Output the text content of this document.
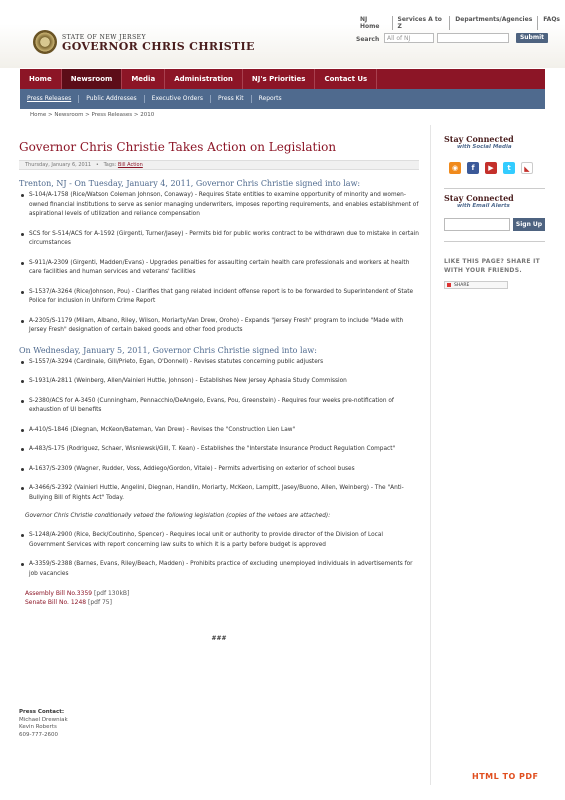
NJ Home
Services A to Z
Departments/Agencies	FAQs
STATE OF NEW JERSEY
GOVERNOR CHRIS CHRISTIE
Search	All of NJ	Submit
Home	Newsroom	Media	Administration	NJ's Priorities	Contact Us
Press Releases	Public Addresses	Executive Orders	Press Kit	Reports
Home > Newsroom > Press Releases > 2010
Governor Chris Christie Takes Action on Legislation
Thursday, January 6, 2011   •   Tags: Bill Action
Trenton, NJ - On Tuesday, January 4, 2011, Governor Chris Christie signed into law:
S-104/A-1758 (Rice/Watson Coleman Johnson, Conaway) - Requires State entities to examine opportunity of minority and women-owned financial institutions to serve as senior managing underwriters, imposes reporting requirements, and enables establishment of aspirational levels of utilization and reliance compensation
SCS for S-514/ACS for A-1592 (Girgenti, Turner/Jasey) - Permits bid for public works contract to be withdrawn due to mistake in certain circumstances
S-911/A-2309 (Girgenti, Madden/Evans) - Upgrades penalties for assaulting certain health care professionals and workers at health care facilities and human services and veterans' facilities
S-1537/A-3264 (Rice/Johnson, Pou) - Clarifies that gang related incident offense report is to be forwarded to Superintendent of State Police for inclusion in Uniform Crime Report
A-2305/S-1179 (Milam, Albano, Riley, Wilson, Moriarty/Van Drew, Oroho) - Expands "Jersey Fresh" program to include "Made with Jersey Fresh" designation of certain baked goods and other food products
On Wednesday, January 5, 2011, Governor Chris Christie signed into law:
S-1557/A-3294 (Cardinale, Gill/Prieto, Egan, O'Donnell) - Revises statutes concerning public adjusters
S-1931/A-2811 (Weinberg, Allen/Vainieri Huttle, Johnson) - Establishes New Jersey Aphasia Study Commission
S-2380/ACS for A-3450 (Cunningham, Pennacchio/DeAngelo, Evans, Pou, Greenstein) - Requires four weeks pre-notification of exhaustion of UI benefits
A-410/S-1846 (Diegnan, McKeon/Bateman, Van Drew) - Revises the "Construction Lien Law"
A-483/S-175 (Rodriguez, Schaer, Wisniewski/Gill, T. Kean) - Establishes the "Interstate Insurance Product Regulation Compact"
A-1637/S-2309 (Wagner, Rudder, Voss, Addiego/Gordon, Vitale) - Permits advertising on exterior of school buses
A-3466/S-2392 (Vainieri Huttle, Angelini, Diegnan, Handlin, Moriarty, McKeon, Lampitt, Jasey/Buono, Allen, Weinberg) - The "Anti-Bullying Bill of Rights Act" Today.
Governor Chris Christie conditionally vetoed the following legislation (copies of the vetoes are attached):
S-1248/A-2900 (Rice, Beck/Coutinho, Spencer) - Requires local unit or authority to provide director of the Division of Local Government Services with report concerning law suits to which it is a party before budget is approved
A-3359/S-2388 (Barnes, Evans, Riley/Beach, Madden) - Prohibits practice of excluding unemployed individuals in advertisements for job vacancies
Assembly Bill No.3359 [pdf 130kB]
Senate Bill No. 1248 [pdf 75]
###
Press Contact:
Michael Drewniak
Kevin Roberts
609-777-2600
Stay Connected
with Social Media
◉	f	▶	t	◣
Stay Connected
with Email Alerts
Sign Up
LIKE THIS PAGE? SHARE IT WITH YOUR FRIENDS.
SHARE
HTML TO PDF
